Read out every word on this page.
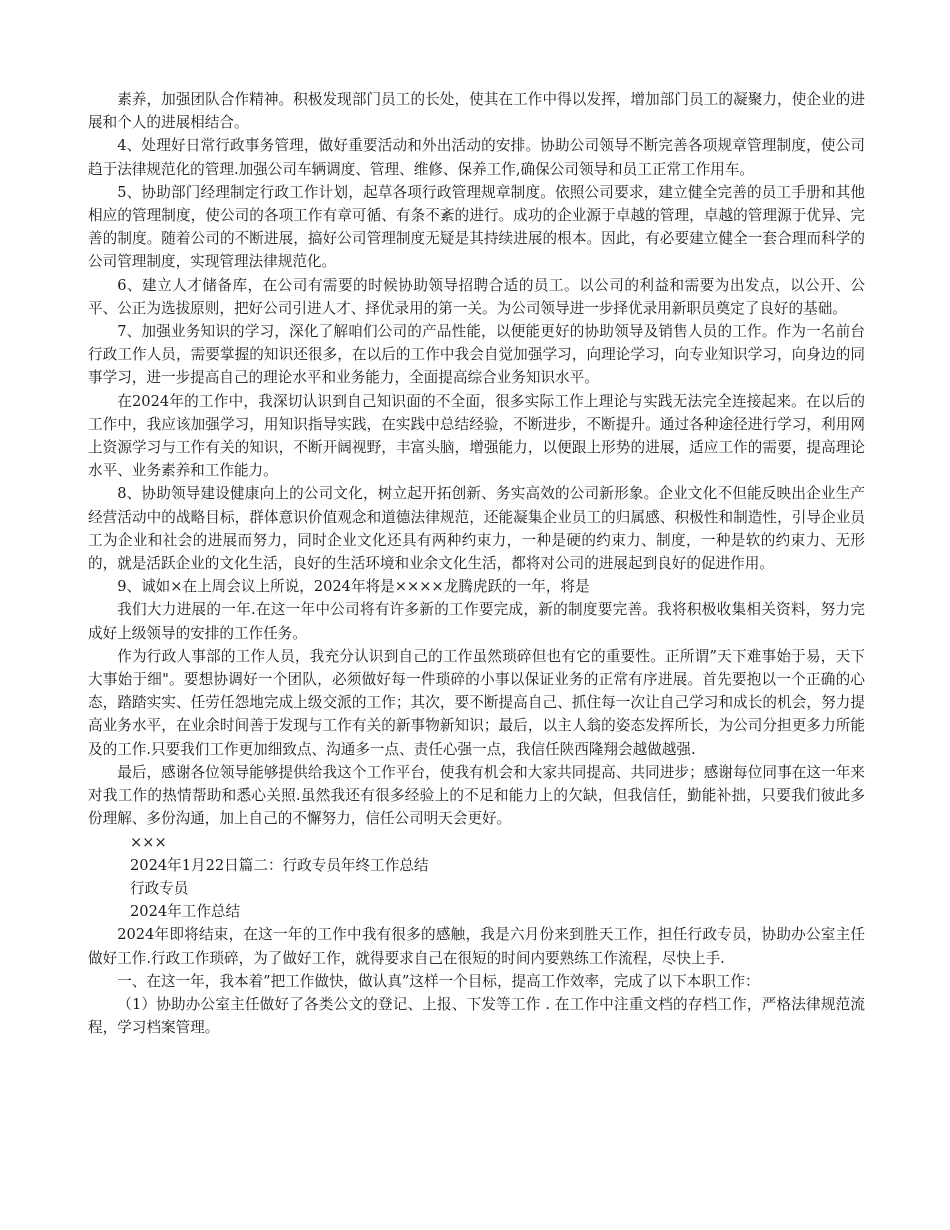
素养，加强团队合作精神。积极发现部门员工的长处，使其在工作中得以发挥，增加部门员工的凝聚力，使企业的进展和个人的进展相结合。

4、处理好日常行政事务管理，做好重要活动和外出活动的安排。协助公司领导不断完善各项规章管理制度，使公司趋于法律规范化的管理.加强公司车辆调度、管理、维修、保养工作,确保公司领导和员工正常工作用车。

5、协助部门经理制定行政工作计划，起草各项行政管理规章制度。依照公司要求，建立健全完善的员工手册和其他相应的管理制度，使公司的各项工作有章可循、有条不紊的进行。成功的企业源于卓越的管理，卓越的管理源于优异、完善的制度。随着公司的不断进展，搞好公司管理制度无疑是其持续进展的根本。因此，有必要建立健全一套合理而科学的公司管理制度，实现管理法律规范化。

6、建立人才储备库，在公司有需要的时候协助领导招聘合适的员工。以公司的利益和需要为出发点，以公开、公平、公正为选拔原则，把好公司引进人才、择优录用的第一关。为公司领导进一步择优录用新职员奠定了良好的基础。

7、加强业务知识的学习，深化了解咱们公司的产品性能，以便能更好的协助领导及销售人员的工作。作为一名前台行政工作人员，需要掌握的知识还很多，在以后的工作中我会自觉加强学习，向理论学习，向专业知识学习，向身边的同事学习，进一步提高自己的理论水平和业务能力，全面提高综合业务知识水平。

在2024年的工作中，我深切认识到自己知识面的不全面，很多实际工作上理论与实践无法完全连接起来。在以后的工作中，我应该加强学习，用知识指导实践，在实践中总结经验，不断进步，不断提升。通过各种途径进行学习，利用网上资源学习与工作有关的知识，不断开阔视野，丰富头脑，增强能力，以便跟上形势的进展，适应工作的需要，提高理论水平、业务素养和工作能力。

8、协助领导建设健康向上的公司文化，树立起开拓创新、务实高效的公司新形象。企业文化不但能反映出企业生产经营活动中的战略目标，群体意识价值观念和道德法律规范，还能凝集企业员工的归属感、积极性和制造性，引导企业员工为企业和社会的进展而努力，同时企业文化还具有两种约束力，一种是硬的约束力、制度，一种是软的约束力、无形的，就是活跃企业的文化生活，良好的生活环境和业余文化生活，都将对公司的进展起到良好的促进作用。

9、诚如×在上周会议上所说，2024年将是××××龙腾虎跃的一年，将是

我们大力进展的一年.在这一年中公司将有许多新的工作要完成，新的制度要完善。我将积极收集相关资料，努力完成好上级领导的安排的工作任务。

作为行政人事部的工作人员，我充分认识到自己的工作虽然琐碎但也有它的重要性。正所谓”天下难事始于易，天下大事始于细"。要想协调好一个团队，必须做好每一件琐碎的小事以保证业务的正常有序进展。首先要抱以一个正确的心态，踏踏实实、任劳任怨地完成上级交派的工作；其次，要不断提高自己、抓住每一次让自己学习和成长的机会，努力提高业务水平，在业余时间善于发现与工作有关的新事物新知识；最后，以主人翁的姿态发挥所长，为公司分担更多力所能及的工作.只要我们工作更加细致点、沟通多一点、责任心强一点，我信任陕西隆翔会越做越强.

最后，感谢各位领导能够提供给我这个工作平台，使我有机会和大家共同提高、共同进步；感谢每位同事在这一年来对我工作的热情帮助和悉心关照.虽然我还有很多经验上的不足和能力上的欠缺，但我信任，勤能补拙，只要我们彼此多份理解、多份沟通，加上自己的不懈努力，信任公司明天会更好。

×××

2024年1月22日篇二：行政专员年终工作总结

行政专员

2024年工作总结

2024年即将结束，在这一年的工作中我有很多的感触，我是六月份来到胜天工作，担任行政专员，协助办公室主任做好工作.行政工作琐碎，为了做好工作，就得要求自己在很短的时间内要熟练工作流程，尽快上手.

一、在这一年，我本着”把工作做快，做认真”这样一个目标，提高工作效率，完成了以下本职工作：

（1）协助办公室主任做好了各类公文的登记、上报、下发等工作 . 在工作中注重文档的存档工作，严格法律规范流程，学习档案管理。
